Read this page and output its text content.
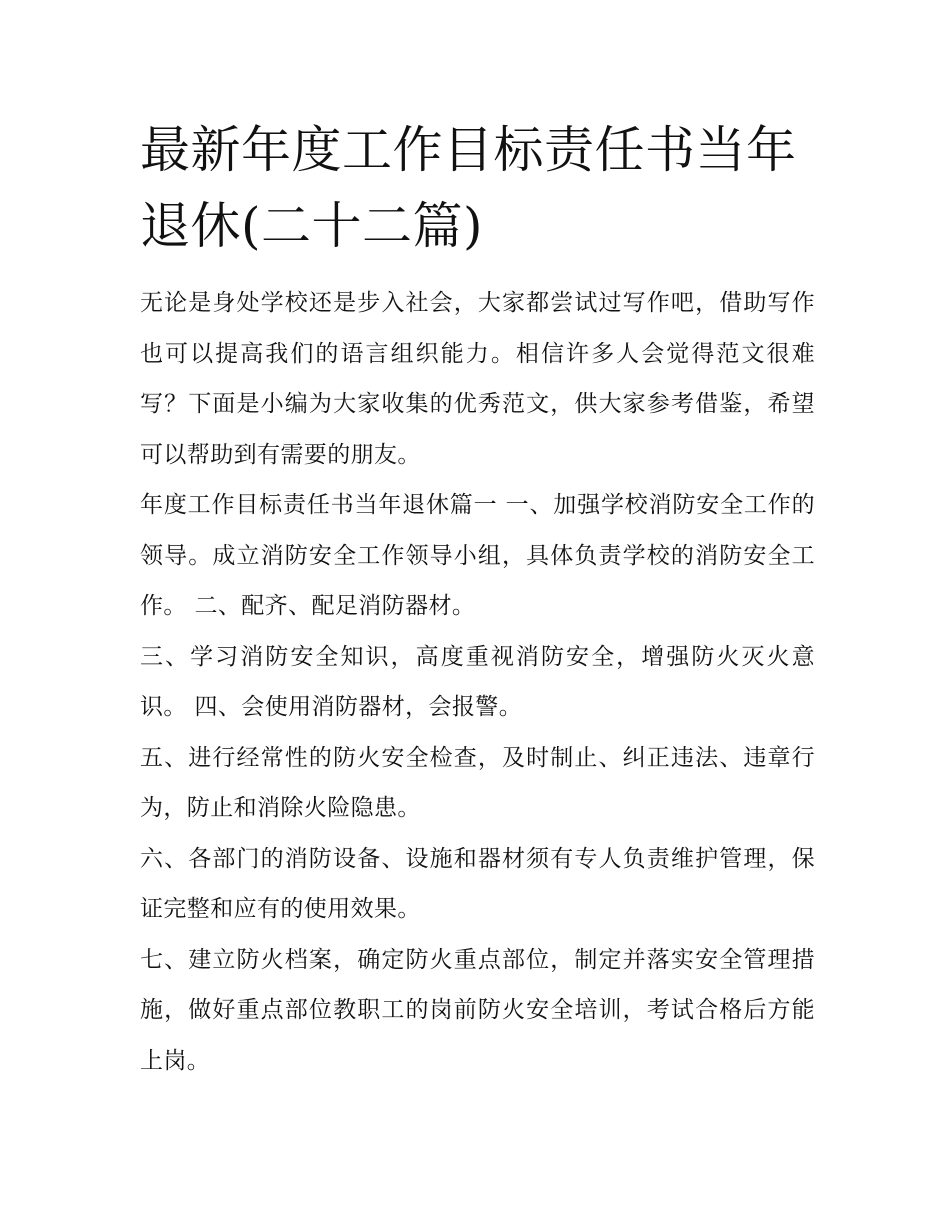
最新年度工作目标责任书当年退休(二十二篇)

无论是身处学校还是步入社会，大家都尝试过写作吧，借助写作也可以提高我们的语言组织能力。相信许多人会觉得范文很难写？下面是小编为大家收集的优秀范文，供大家参考借鉴，希望可以帮助到有需要的朋友。

年度工作目标责任书当年退休篇一 一、加强学校消防安全工作的领导。成立消防安全工作领导小组，具体负责学校的消防安全工作。 二、配齐、配足消防器材。

三、学习消防安全知识，高度重视消防安全，增强防火灭火意识。 四、会使用消防器材，会报警。

五、进行经常性的防火安全检查，及时制止、纠正违法、违章行为，防止和消除火险隐患。

六、各部门的消防设备、设施和器材须有专人负责维护管理，保证完整和应有的使用效果。

七、建立防火档案，确定防火重点部位，制定并落实安全管理措施，做好重点部位教职工的岗前防火安全培训，考试合格后方能上岗。
